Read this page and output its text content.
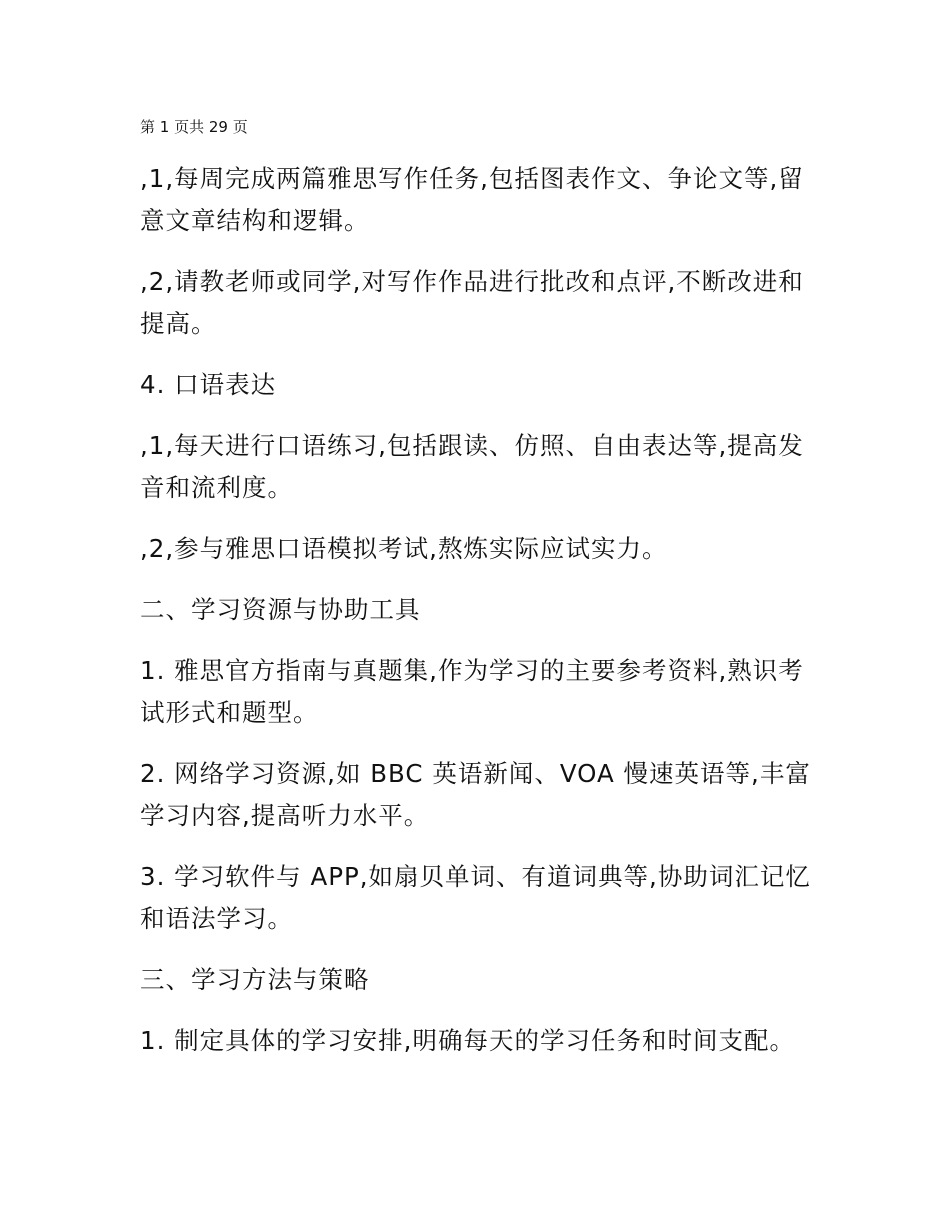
第 1 页共 29 页

,1,每周完成两篇雅思写作任务,包括图表作文、争论文等,留意文章结构和逻辑。

,2,请教老师或同学,对写作作品进行批改和点评,不断改进和提高。

4. 口语表达

,1,每天进行口语练习,包括跟读、仿照、自由表达等,提高发音和流利度。

,2,参与雅思口语模拟考试,熬炼实际应试实力。

二、学习资源与协助工具

1. 雅思官方指南与真题集,作为学习的主要参考资料,熟识考试形式和题型。

2. 网络学习资源,如 BBC 英语新闻、VOA 慢速英语等,丰富学习内容,提高听力水平。

3. 学习软件与 APP,如扇贝单词、有道词典等,协助词汇记忆和语法学习。

三、学习方法与策略

1. 制定具体的学习安排,明确每天的学习任务和时间支配。
